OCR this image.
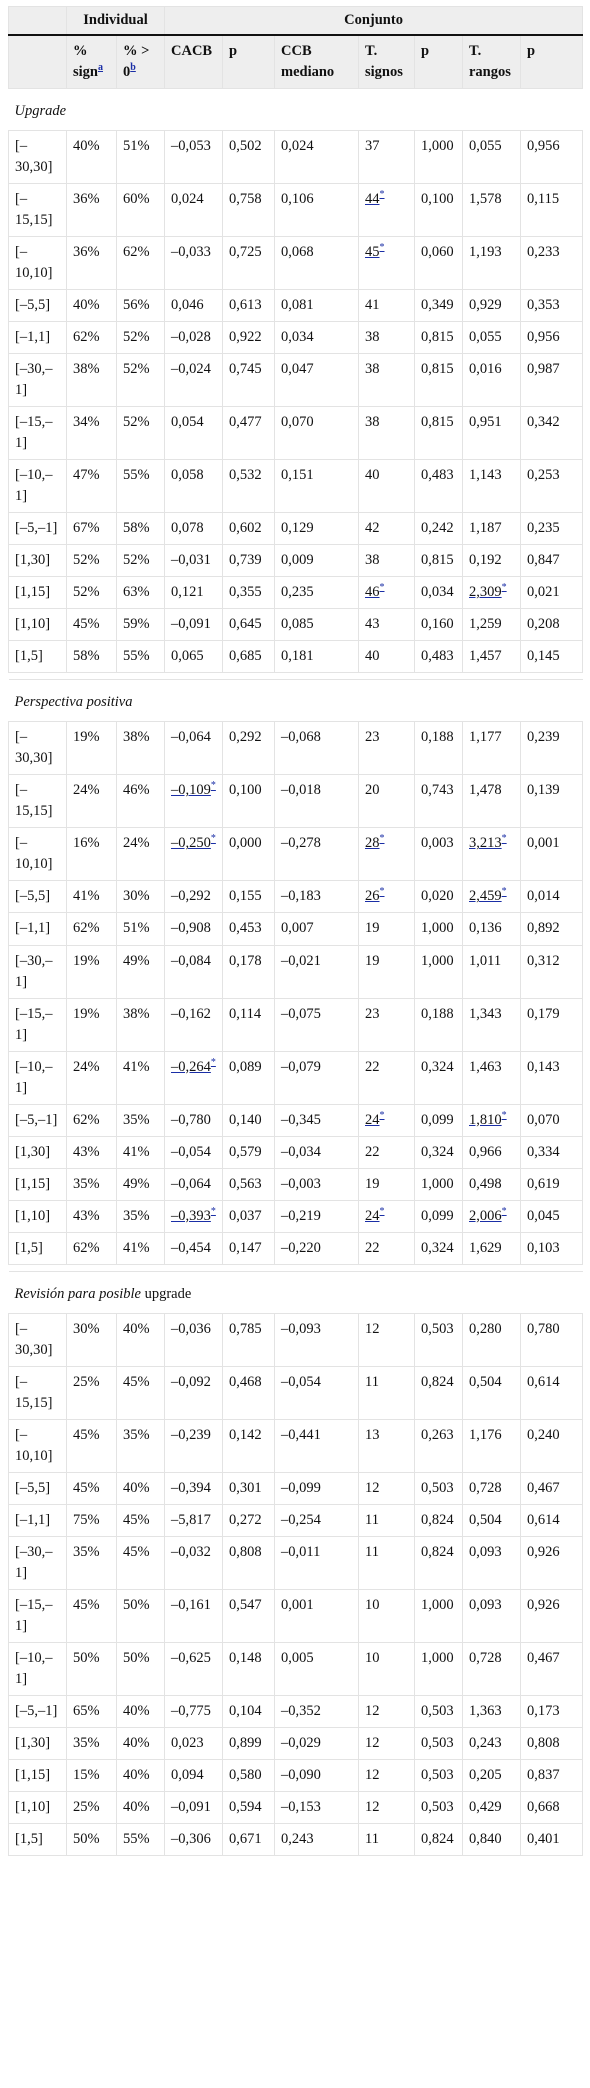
	Individual		Conjunto						
	% sign$^a$	% > 0$^b$	CACB	p	CCB mediano	T. signos	p	T. rangos	p
Upgrade									
[–30,30]	40%	51%	–0,053	0,502	0,024	37	1,000	0,055	0,956
[–15,15]	36%	60%	0,024	0,758	0,106	44*	0,100	1,578	0,115
[–10,10]	36%	62%	–0,033	0,725	0,068	45*	0,060	1,193	0,233
[–5,5]	40%	56%	0,046	0,613	0,081	41	0,349	0,929	0,353
[–1,1]	62%	52%	–0,028	0,922	0,034	38	0,815	0,055	0,956
[–30,–1]	38%	52%	–0,024	0,745	0,047	38	0,815	0,016	0,987
[–15,–1]	34%	52%	0,054	0,477	0,070	38	0,815	0,951	0,342
[–10,–1]	47%	55%	0,058	0,532	0,151	40	0,483	1,143	0,253
[–5,–1]	67%	58%	0,078	0,602	0,129	42	0,242	1,187	0,235
[1,30]	52%	52%	–0,031	0,739	0,009	38	0,815	0,192	0,847
[1,15]	52%	63%	0,121	0,355	0,235	46*	0,034	2,309*	0,021
[1,10]	45%	59%	–0,091	0,645	0,085	43	0,160	1,259	0,208
[1,5]	58%	55%	0,065	0,685	0,181	40	0,483	1,457	0,145

Perspectiva positiva									
[–30,30]	19%	38%	–0,064	0,292	–0,068	23	0,188	1,177	0,239
[–15,15]	24%	46%	–0,109*	0,100	–0,018	20	0,743	1,478	0,139
[–10,10]	16%	24%	–0,250*	0,000	–0,278	28*	0,003	3,213*	0,001
[–5,5]	41%	30%	–0,292	0,155	–0,183	26*	0,020	2,459*	0,014
[–1,1]	62%	51%	–0,908	0,453	0,007	19	1,000	0,136	0,892
[–30,–1]	19%	49%	–0,084	0,178	–0,021	19	1,000	1,011	0,312
[–15,–1]	19%	38%	–0,162	0,114	–0,075	23	0,188	1,343	0,179
[–10,–1]	24%	41%	–0,264*	0,089	–0,079	22	0,324	1,463	0,143
[–5,–1]	62%	35%	–0,780	0,140	–0,345	24*	0,099	1,810*	0,070
[1,30]	43%	41%	–0,054	0,579	–0,034	22	0,324	0,966	0,334
[1,15]	35%	49%	–0,064	0,563	–0,003	19	1,000	0,498	0,619
[1,10]	43%	35%	–0,393*	0,037	–0,219	24*	0,099	2,006*	0,045
[1,5]	62%	41%	–0,454	0,147	–0,220	22	0,324	1,629	0,103

Revisión para posible upgrade									
[–30,30]	30%	40%	–0,036	0,785	–0,093	12	0,503	0,280	0,780
[–15,15]	25%	45%	–0,092	0,468	–0,054	11	0,824	0,504	0,614
[–10,10]	45%	35%	–0,239	0,142	–0,441	13	0,263	1,176	0,240
[–5,5]	45%	40%	–0,394	0,301	–0,099	12	0,503	0,728	0,467
[–1,1]	75%	45%	–5,817	0,272	–0,254	11	0,824	0,504	0,614
[–30,–1]	35%	45%	–0,032	0,808	–0,011	11	0,824	0,093	0,926
[–15,–1]	45%	50%	–0,161	0,547	0,001	10	1,000	0,093	0,926
[–10,–1]	50%	50%	–0,625	0,148	0,005	10	1,000	0,728	0,467
[–5,–1]	65%	40%	–0,775	0,104	–0,352	12	0,503	1,363	0,173
[1,30]	35%	40%	0,023	0,899	–0,029	12	0,503	0,243	0,808
[1,15]	15%	40%	0,094	0,580	–0,090	12	0,503	0,205	0,837
[1,10]	25%	40%	–0,091	0,594	–0,153	12	0,503	0,429	0,668
[1,5]	50%	55%	–0,306	0,671	0,243	11	0,824	0,840	0,401
